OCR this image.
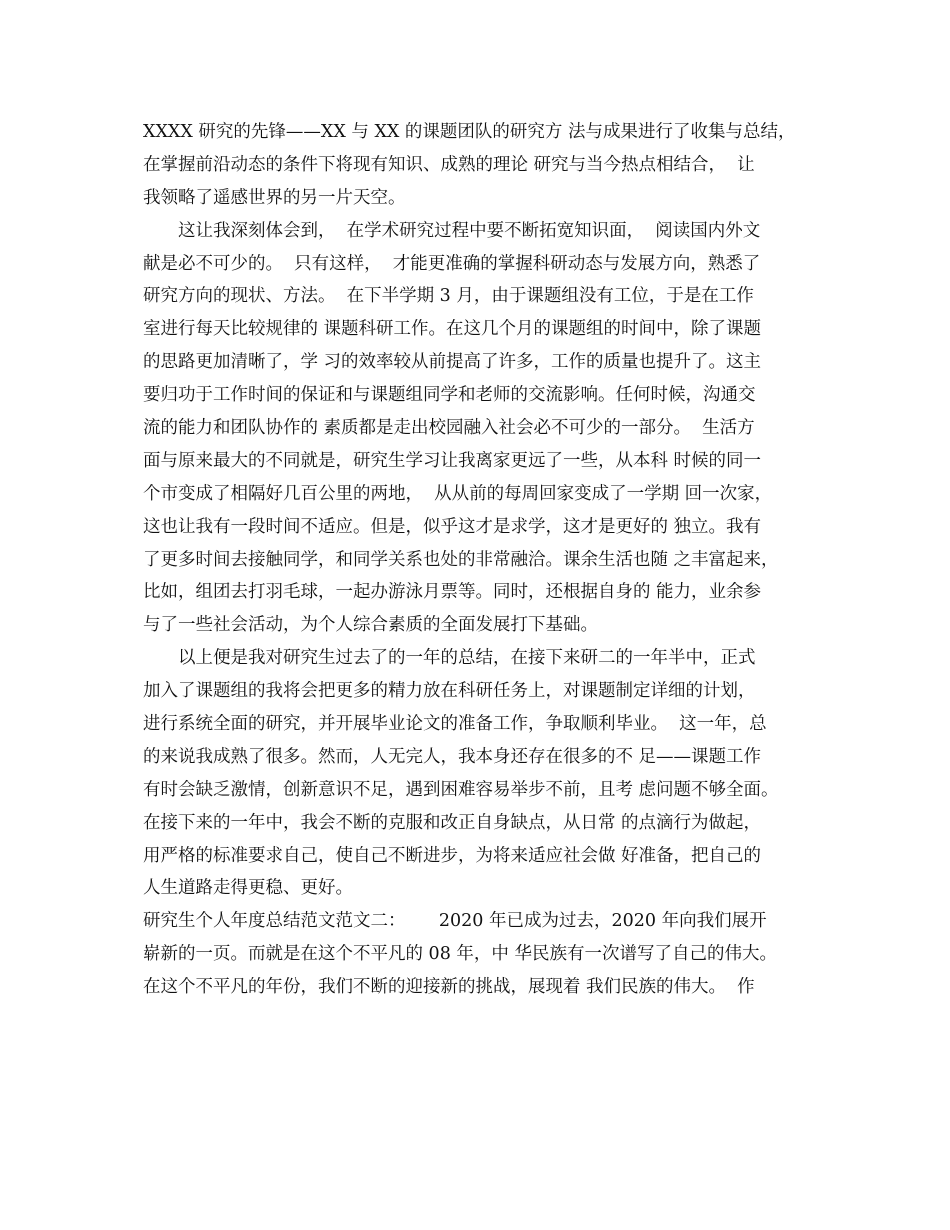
XXXX 研究的先锋——XX 与 XX 的课题团队的研究方 法与成果进行了收集与总结，
在掌握前沿动态的条件下将现有知识、成熟的理论 研究与当今热点相结合，  让
我领略了遥感世界的另一片天空。
这让我深刻体会到，  在学术研究过程中要不断拓宽知识面，  阅读国内外文
献是必不可少的。  只有这样，  才能更准确的掌握科研动态与发展方向，熟悉了
研究方向的现状、方法。  在下半学期 3 月，由于课题组没有工位，于是在工作
室进行每天比较规律的 课题科研工作。在这几个月的课题组的时间中，除了课题
的思路更加清晰了，学 习的效率较从前提高了许多，工作的质量也提升了。这主
要归功于工作时间的保证和与课题组同学和老师的交流影响。任何时候，沟通交
流的能力和团队协作的 素质都是走出校园融入社会必不可少的一部分。  生活方
面与原来最大的不同就是，研究生学习让我离家更远了一些，从本科 时候的同一
个市变成了相隔好几百公里的两地，  从从前的每周回家变成了一学期 回一次家，
这也让我有一段时间不适应。但是，似乎这才是求学，这才是更好的 独立。我有
了更多时间去接触同学，和同学关系也处的非常融洽。课余生活也随 之丰富起来，
比如，组团去打羽毛球，一起办游泳月票等。同时，还根据自身的 能力，业余参
与了一些社会活动，为个人综合素质的全面发展打下基础。
以上便是我对研究生过去了的一年的总结，在接下来研二的一年半中，正式
加入了课题组的我将会把更多的精力放在科研任务上，对课题制定详细的计划，
进行系统全面的研究，并开展毕业论文的准备工作，争取顺利毕业。  这一年，总
的来说我成熟了很多。然而，人无完人，我本身还存在很多的不 足——课题工作
有时会缺乏激情，创新意识不足，遇到困难容易举步不前，且考 虑问题不够全面。
在接下来的一年中，我会不断的克服和改正自身缺点，从日常 的点滴行为做起，
用严格的标准要求自己，使自己不断进步，为将来适应社会做 好准备，把自己的
人生道路走得更稳、更好。
研究生个人年度总结范文范文二：      2020 年已成为过去，2020 年向我们展开
崭新的一页。而就是在这个不平凡的 08 年，中 华民族有一次谱写了自己的伟大。
在这个不平凡的年份，我们不断的迎接新的挑战，展现着 我们民族的伟大。  作
